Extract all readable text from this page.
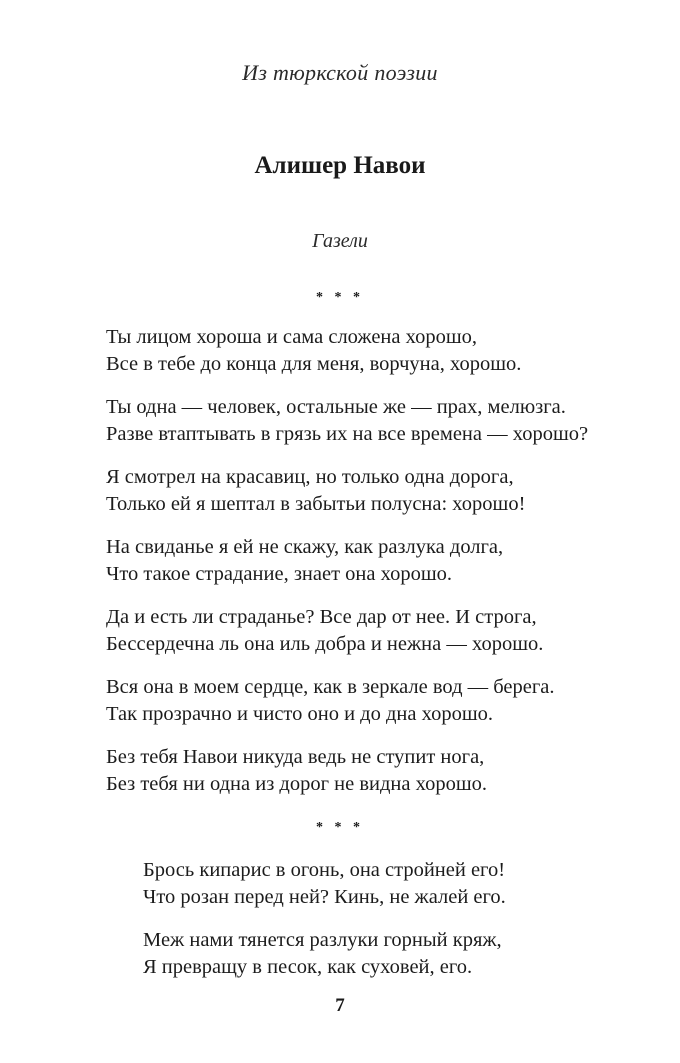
Из тюркской поэзии
Алишер Навои
Газели
* * *
Ты лицом хороша и сама сложена хорошо,
Все в тебе до конца для меня, ворчуна, хорошо.
Ты одна — человек, остальные же — прах, мелюзга.
Разве втаптывать в грязь их на все времена — хорошо?
Я смотрел на красавиц, но только одна дорога,
Только ей я шептал в забытьи полусна: хорошо!
На свиданье я ей не скажу, как разлука долга,
Что такое страдание, знает она хорошо.
Да и есть ли страданье? Все дар от нее. И строга,
Бессердечна ль она иль добра и нежна — хорошо.
Вся она в моем сердце, как в зеркале вод — берега.
Так прозрачно и чисто оно и до дна хорошо.
Без тебя Навои никуда ведь не ступит нога,
Без тебя ни одна из дорог не видна хорошо.
* * *
Брось кипарис в огонь, она стройней его!
Что розан перед ней? Кинь, не жалей его.
Меж нами тянется разлуки горный кряж,
Я превращу в песок, как суховей, его.
7
